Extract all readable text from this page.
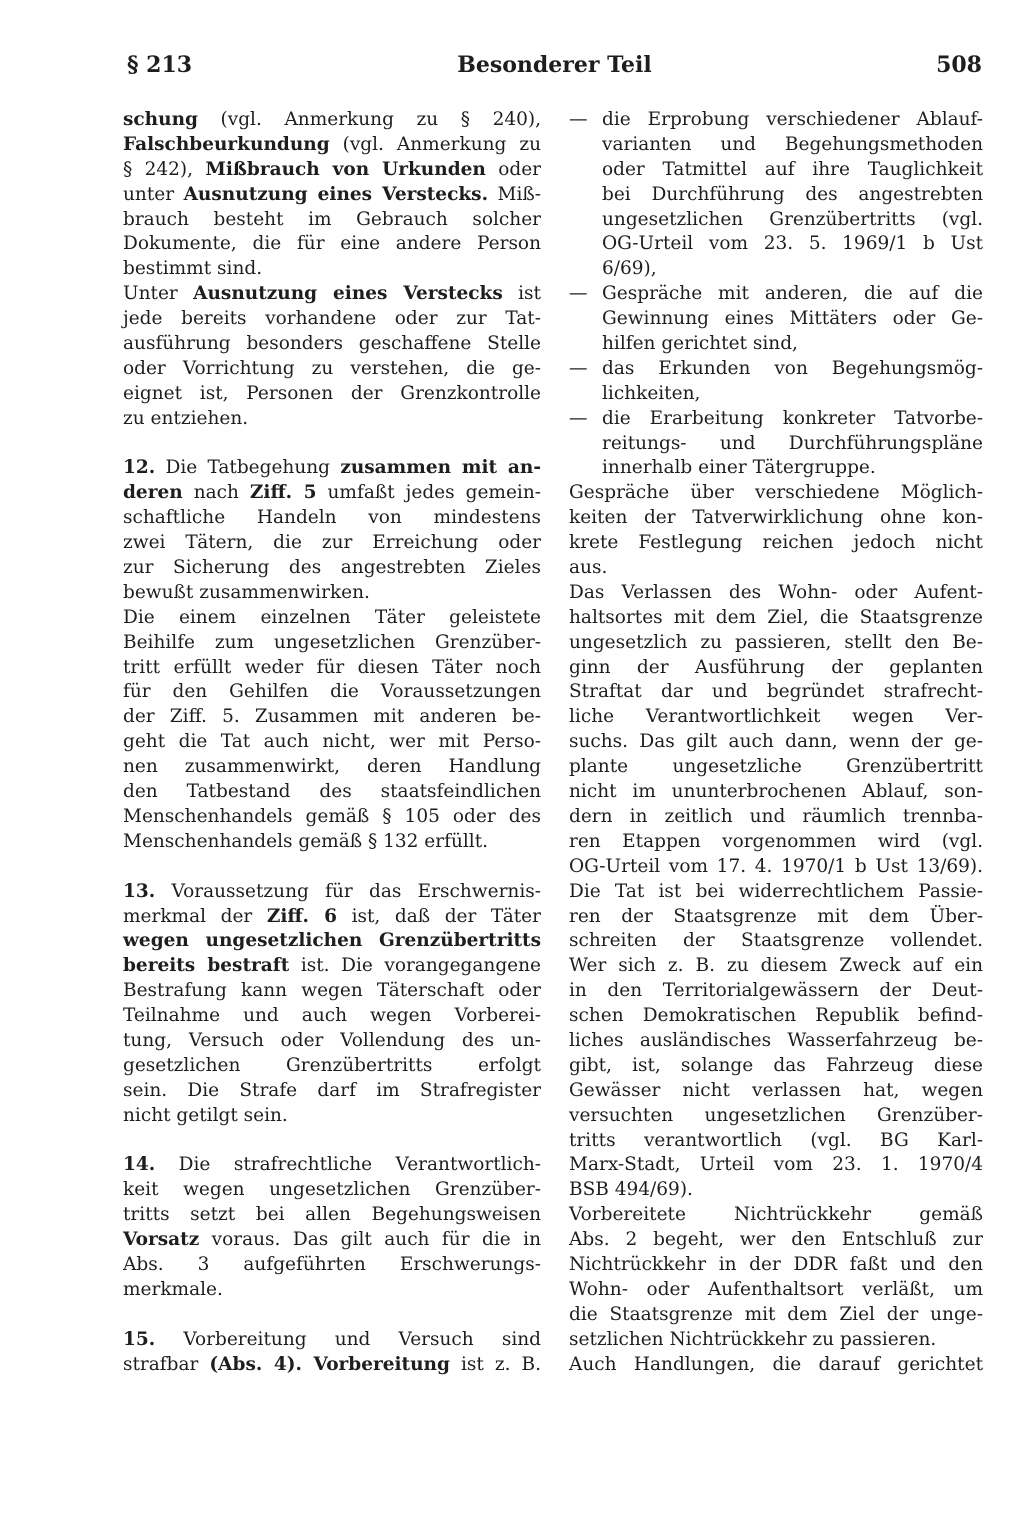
§ 213	Besonderer Teil	508
schung (vgl. Anmerkung zu § 240),
Falschbeurkundung (vgl. Anmerkung zu
§ 242), Mißbrauch von Urkunden oder
unter Ausnutzung eines Verstecks. Miß-
brauch besteht im Gebrauch solcher
Dokumente, die für eine andere Person
bestimmt sind.
Unter Ausnutzung eines Verstecks ist
jede bereits vorhandene oder zur Tat-
ausführung besonders geschaffene Stelle
oder Vorrichtung zu verstehen, die ge-
eignet ist, Personen der Grenzkontrolle
zu entziehen.
12. Die Tatbegehung zusammen mit an-
deren nach Ziff. 5 umfaßt jedes gemein-
schaftliche Handeln von mindestens
zwei Tätern, die zur Erreichung oder
zur Sicherung des angestrebten Zieles
bewußt zusammenwirken.
Die einem einzelnen Täter geleistete
Beihilfe zum ungesetzlichen Grenzüber-
tritt erfüllt weder für diesen Täter noch
für den Gehilfen die Voraussetzungen
der Ziff. 5. Zusammen mit anderen be-
geht die Tat auch nicht, wer mit Perso-
nen zusammenwirkt, deren Handlung
den Tatbestand des staatsfeindlichen
Menschenhandels gemäß § 105 oder des
Menschenhandels gemäß § 132 erfüllt.
13. Voraussetzung für das Erschwernis-
merkmal der Ziff. 6 ist, daß der Täter
wegen ungesetzlichen Grenzübertritts
bereits bestraft ist. Die vorangegangene
Bestrafung kann wegen Täterschaft oder
Teilnahme und auch wegen Vorberei-
tung, Versuch oder Vollendung des un-
gesetzlichen Grenzübertritts erfolgt
sein. Die Strafe darf im Strafregister
nicht getilgt sein.
14. Die strafrechtliche Verantwortlich-
keit wegen ungesetzlichen Grenzüber-
tritts setzt bei allen Begehungsweisen
Vorsatz voraus. Das gilt auch für die in
Abs. 3 aufgeführten Erschwerungs-
merkmale.
15. Vorbereitung und Versuch sind
strafbar (Abs. 4). Vorbereitung ist z. B.
— die Erprobung verschiedener Ablauf-
varianten und Begehungsmethoden
oder Tatmittel auf ihre Tauglichkeit
bei Durchführung des angestrebten
ungesetzlichen Grenzübertritts (vgl.
OG-Urteil vom 23. 5. 1969/1 b Ust
6/69),
— Gespräche mit anderen, die auf die
Gewinnung eines Mittäters oder Ge-
hilfen gerichtet sind,
— das Erkunden von Begehungsmög-
lichkeiten,
— die Erarbeitung konkreter Tatvorbe-
reitungs- und Durchführungspläne
innerhalb einer Tätergruppe.
Gespräche über verschiedene Möglich-
keiten der Tatverwirklichung ohne kon-
krete Festlegung reichen jedoch nicht
aus.
Das Verlassen des Wohn- oder Aufent-
haltsortes mit dem Ziel, die Staatsgrenze
ungesetzlich zu passieren, stellt den Be-
ginn der Ausführung der geplanten
Straftat dar und begründet strafrecht-
liche Verantwortlichkeit wegen Ver-
suchs. Das gilt auch dann, wenn der ge-
plante ungesetzliche Grenzübertritt
nicht im ununterbrochenen Ablauf, son-
dern in zeitlich und räumlich trennba-
ren Etappen vorgenommen wird (vgl.
OG-Urteil vom 17. 4. 1970/1 b Ust 13/69).
Die Tat ist bei widerrechtlichem Passie-
ren der Staatsgrenze mit dem Über-
schreiten der Staatsgrenze vollendet.
Wer sich z. B. zu diesem Zweck auf ein
in den Territorialgewässern der Deut-
schen Demokratischen Republik befind-
liches ausländisches Wasserfahrzeug be-
gibt, ist, solange das Fahrzeug diese
Gewässer nicht verlassen hat, wegen
versuchten ungesetzlichen Grenzüber-
tritts verantwortlich (vgl. BG Karl-
Marx-Stadt, Urteil vom 23. 1. 1970/4
BSB 494/69).
Vorbereitete Nichtrückkehr gemäß
Abs. 2 begeht, wer den Entschluß zur
Nichtrückkehr in der DDR faßt und den
Wohn- oder Aufenthaltsort verläßt, um
die Staatsgrenze mit dem Ziel der unge-
setzlichen Nichtrückkehr zu passieren.
Auch Handlungen, die darauf gerichtet
